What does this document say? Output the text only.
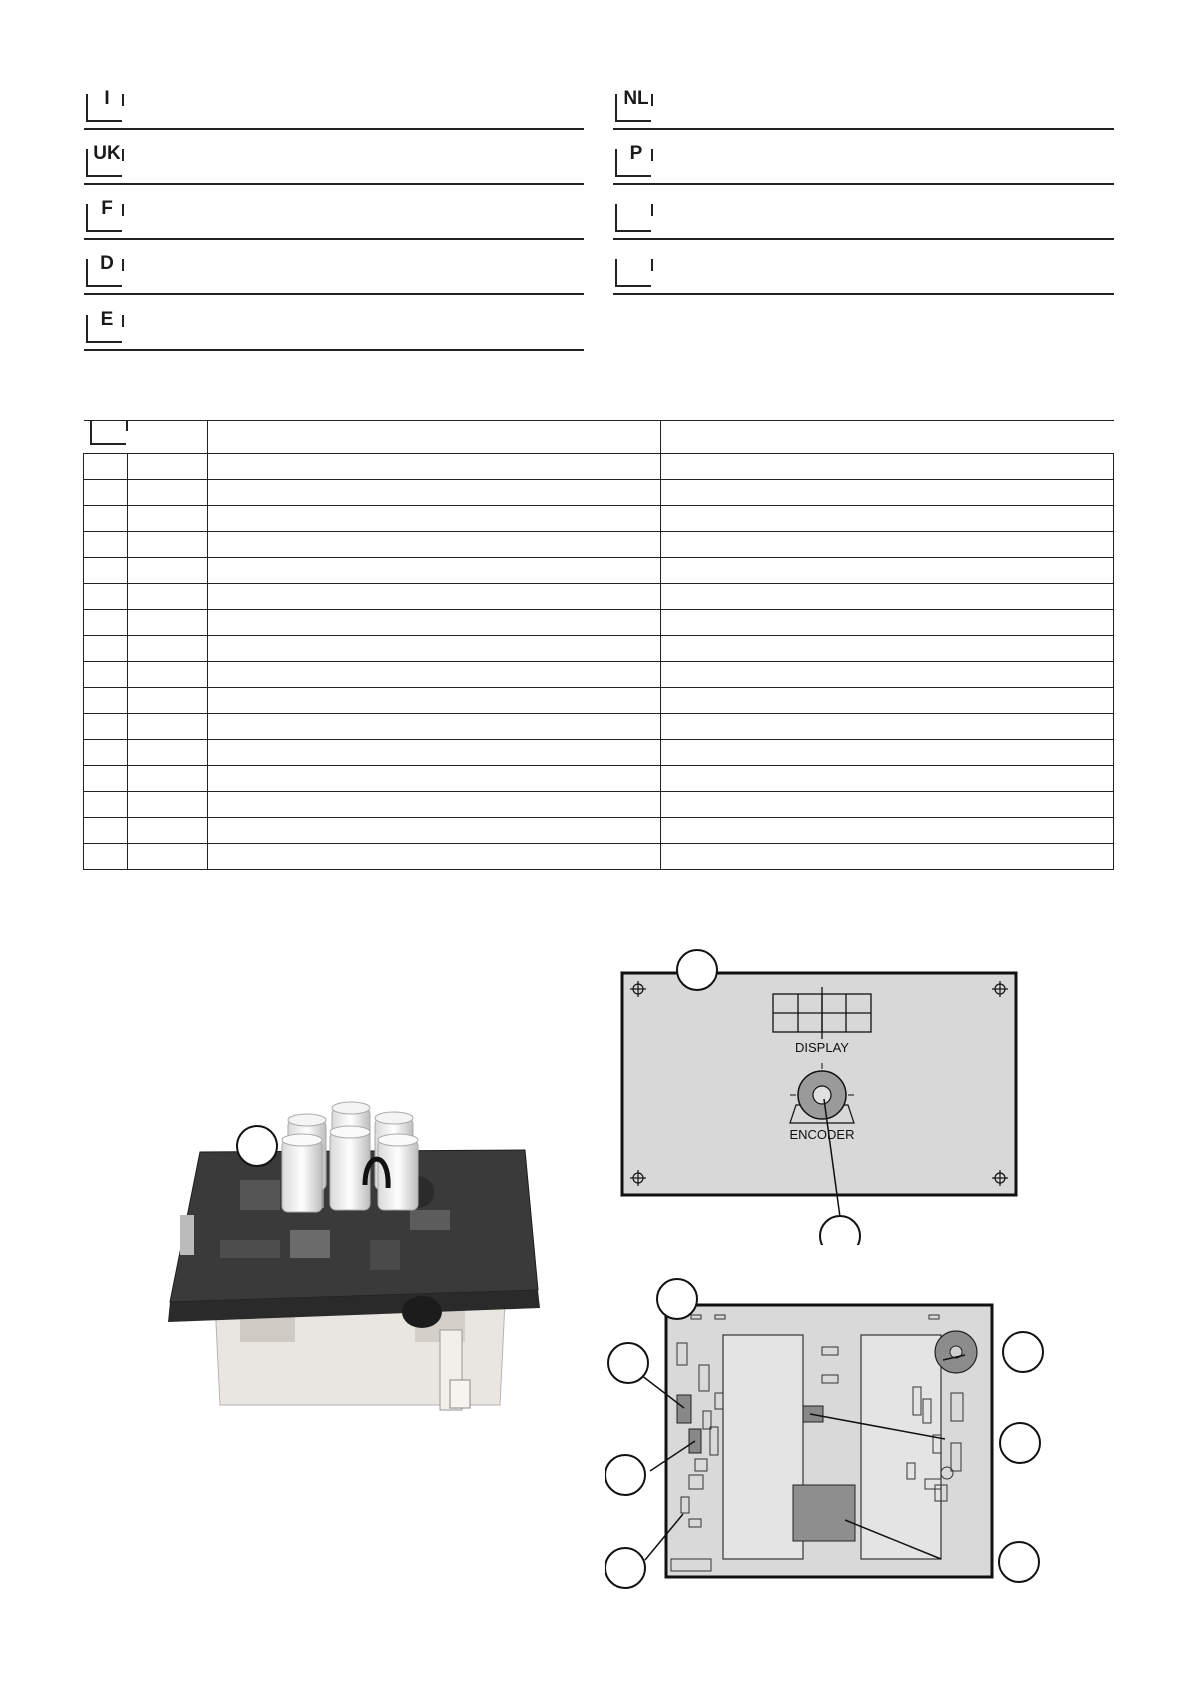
I
UK
F
D
E
NL
P

DISPLAY
ENCODER
